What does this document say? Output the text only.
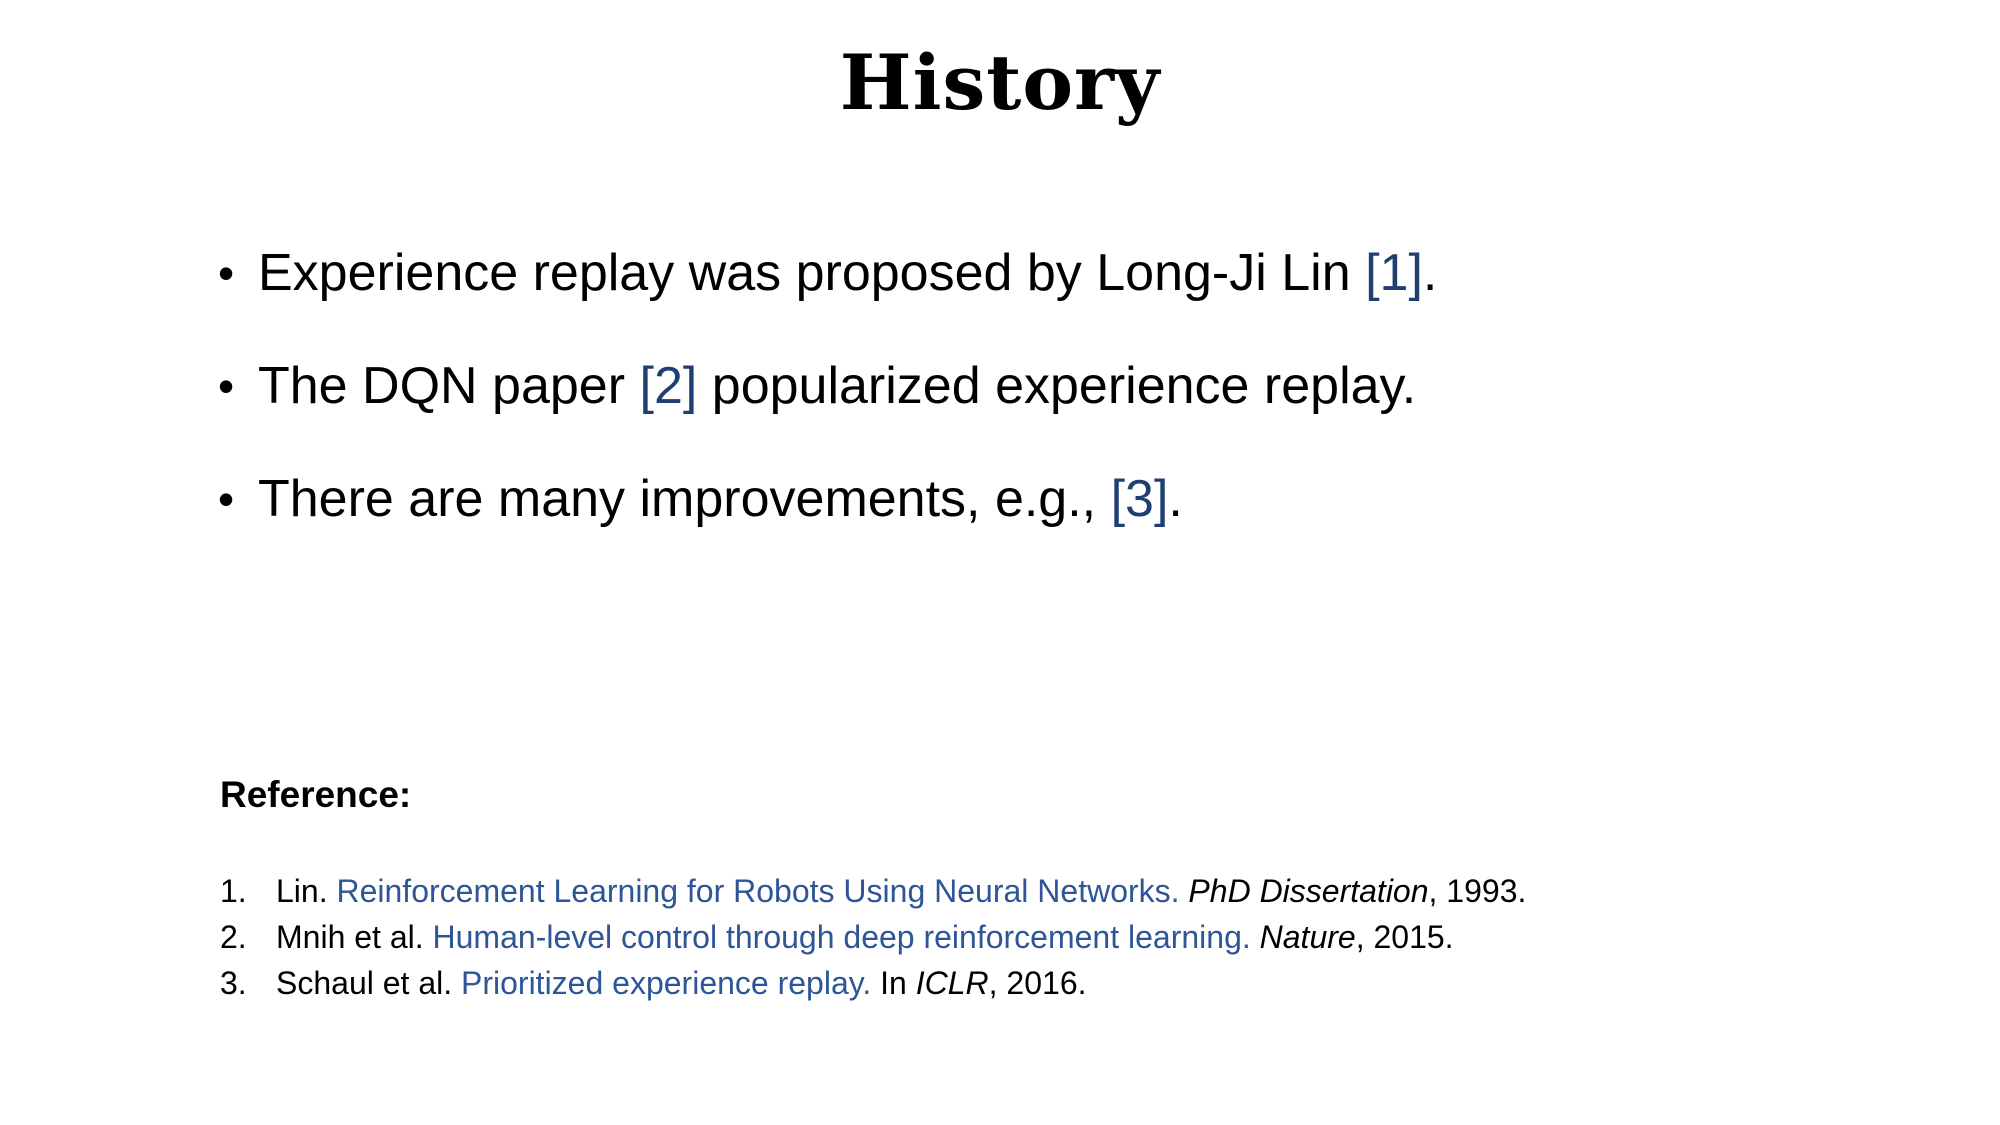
History
• Experience replay was proposed by Long-Ji Lin [1].
• The DQN paper [2] popularized experience replay.
• There are many improvements, e.g., [3].
Reference:
1. Lin. Reinforcement Learning for Robots Using Neural Networks. PhD Dissertation, 1993.
2. Mnih et al. Human-level control through deep reinforcement learning. Nature, 2015.
3. Schaul et al. Prioritized experience replay. In ICLR, 2016.
